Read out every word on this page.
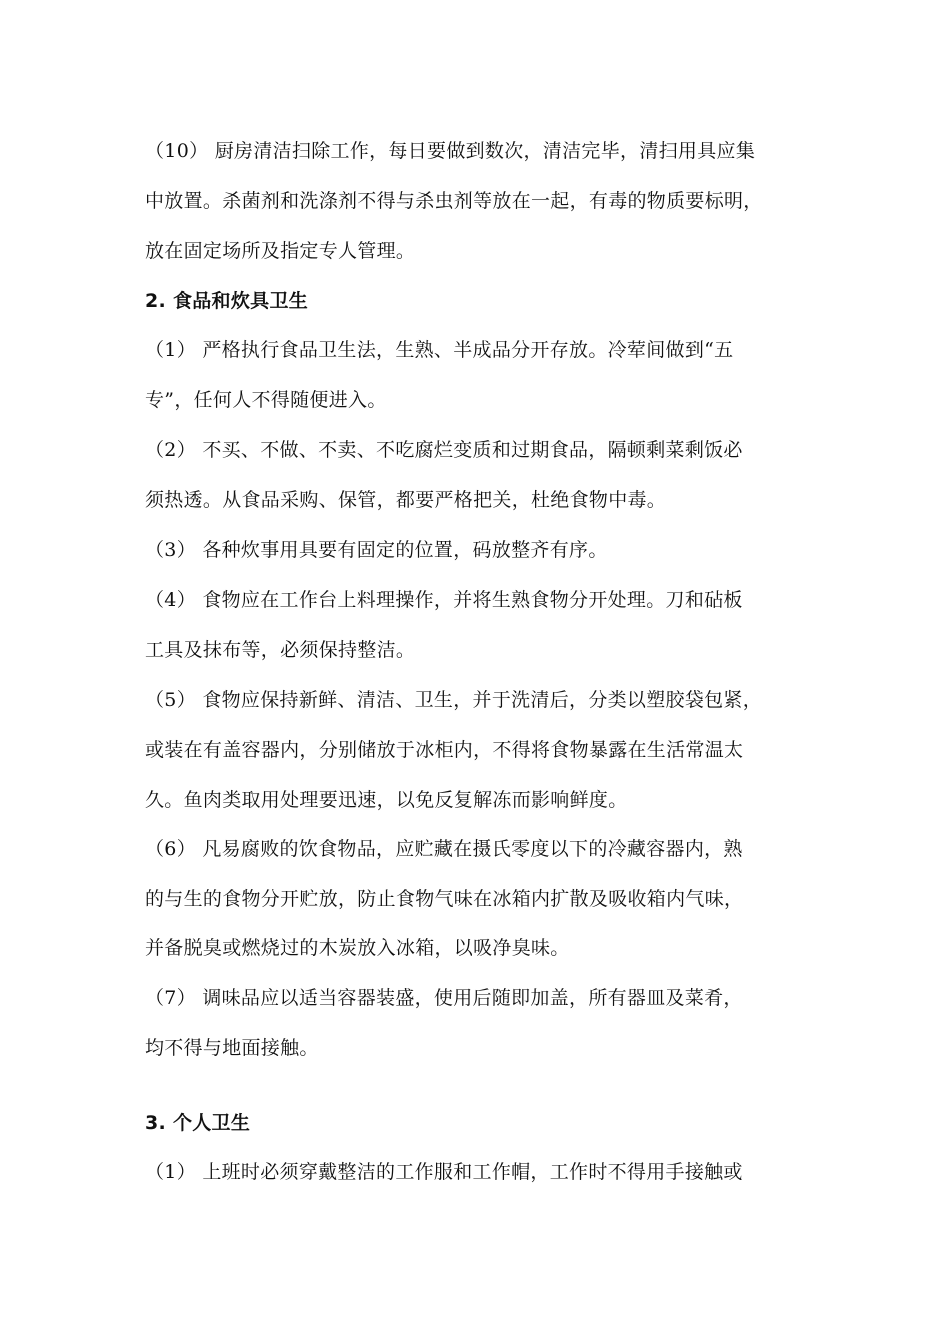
（10） 厨房清洁扫除工作，每日要做到数次，清洁完毕，清扫用具应集
中放置。杀菌剂和洗涤剂不得与杀虫剂等放在一起，有毒的物质要标明，
放在固定场所及指定专人管理。
2. 食品和炊具卫生
（1） 严格执行食品卫生法，生熟、半成品分开存放。冷荤间做到“五
专”，任何人不得随便进入。
（2） 不买、不做、不卖、不吃腐烂变质和过期食品，隔顿剩菜剩饭必
须热透。从食品采购、保管，都要严格把关，杜绝食物中毒。
（3） 各种炊事用具要有固定的位置，码放整齐有序。
（4） 食物应在工作台上料理操作，并将生熟食物分开处理。刀和砧板
工具及抹布等，必须保持整洁。
（5） 食物应保持新鲜、清洁、卫生，并于洗清后，分类以塑胶袋包紧，
或装在有盖容器内，分别储放于冰柜内，不得将食物暴露在生活常温太
久。鱼肉类取用处理要迅速，以免反复解冻而影响鲜度。
（6） 凡易腐败的饮食物品，应贮藏在摄氏零度以下的冷藏容器内，熟
的与生的食物分开贮放，防止食物气味在冰箱内扩散及吸收箱内气味，
并备脱臭或燃烧过的木炭放入冰箱，以吸净臭味。
（7） 调味品应以适当容器装盛，使用后随即加盖，所有器皿及菜肴，
均不得与地面接触。
3. 个人卫生
（1） 上班时必须穿戴整洁的工作服和工作帽，工作时不得用手接触或
